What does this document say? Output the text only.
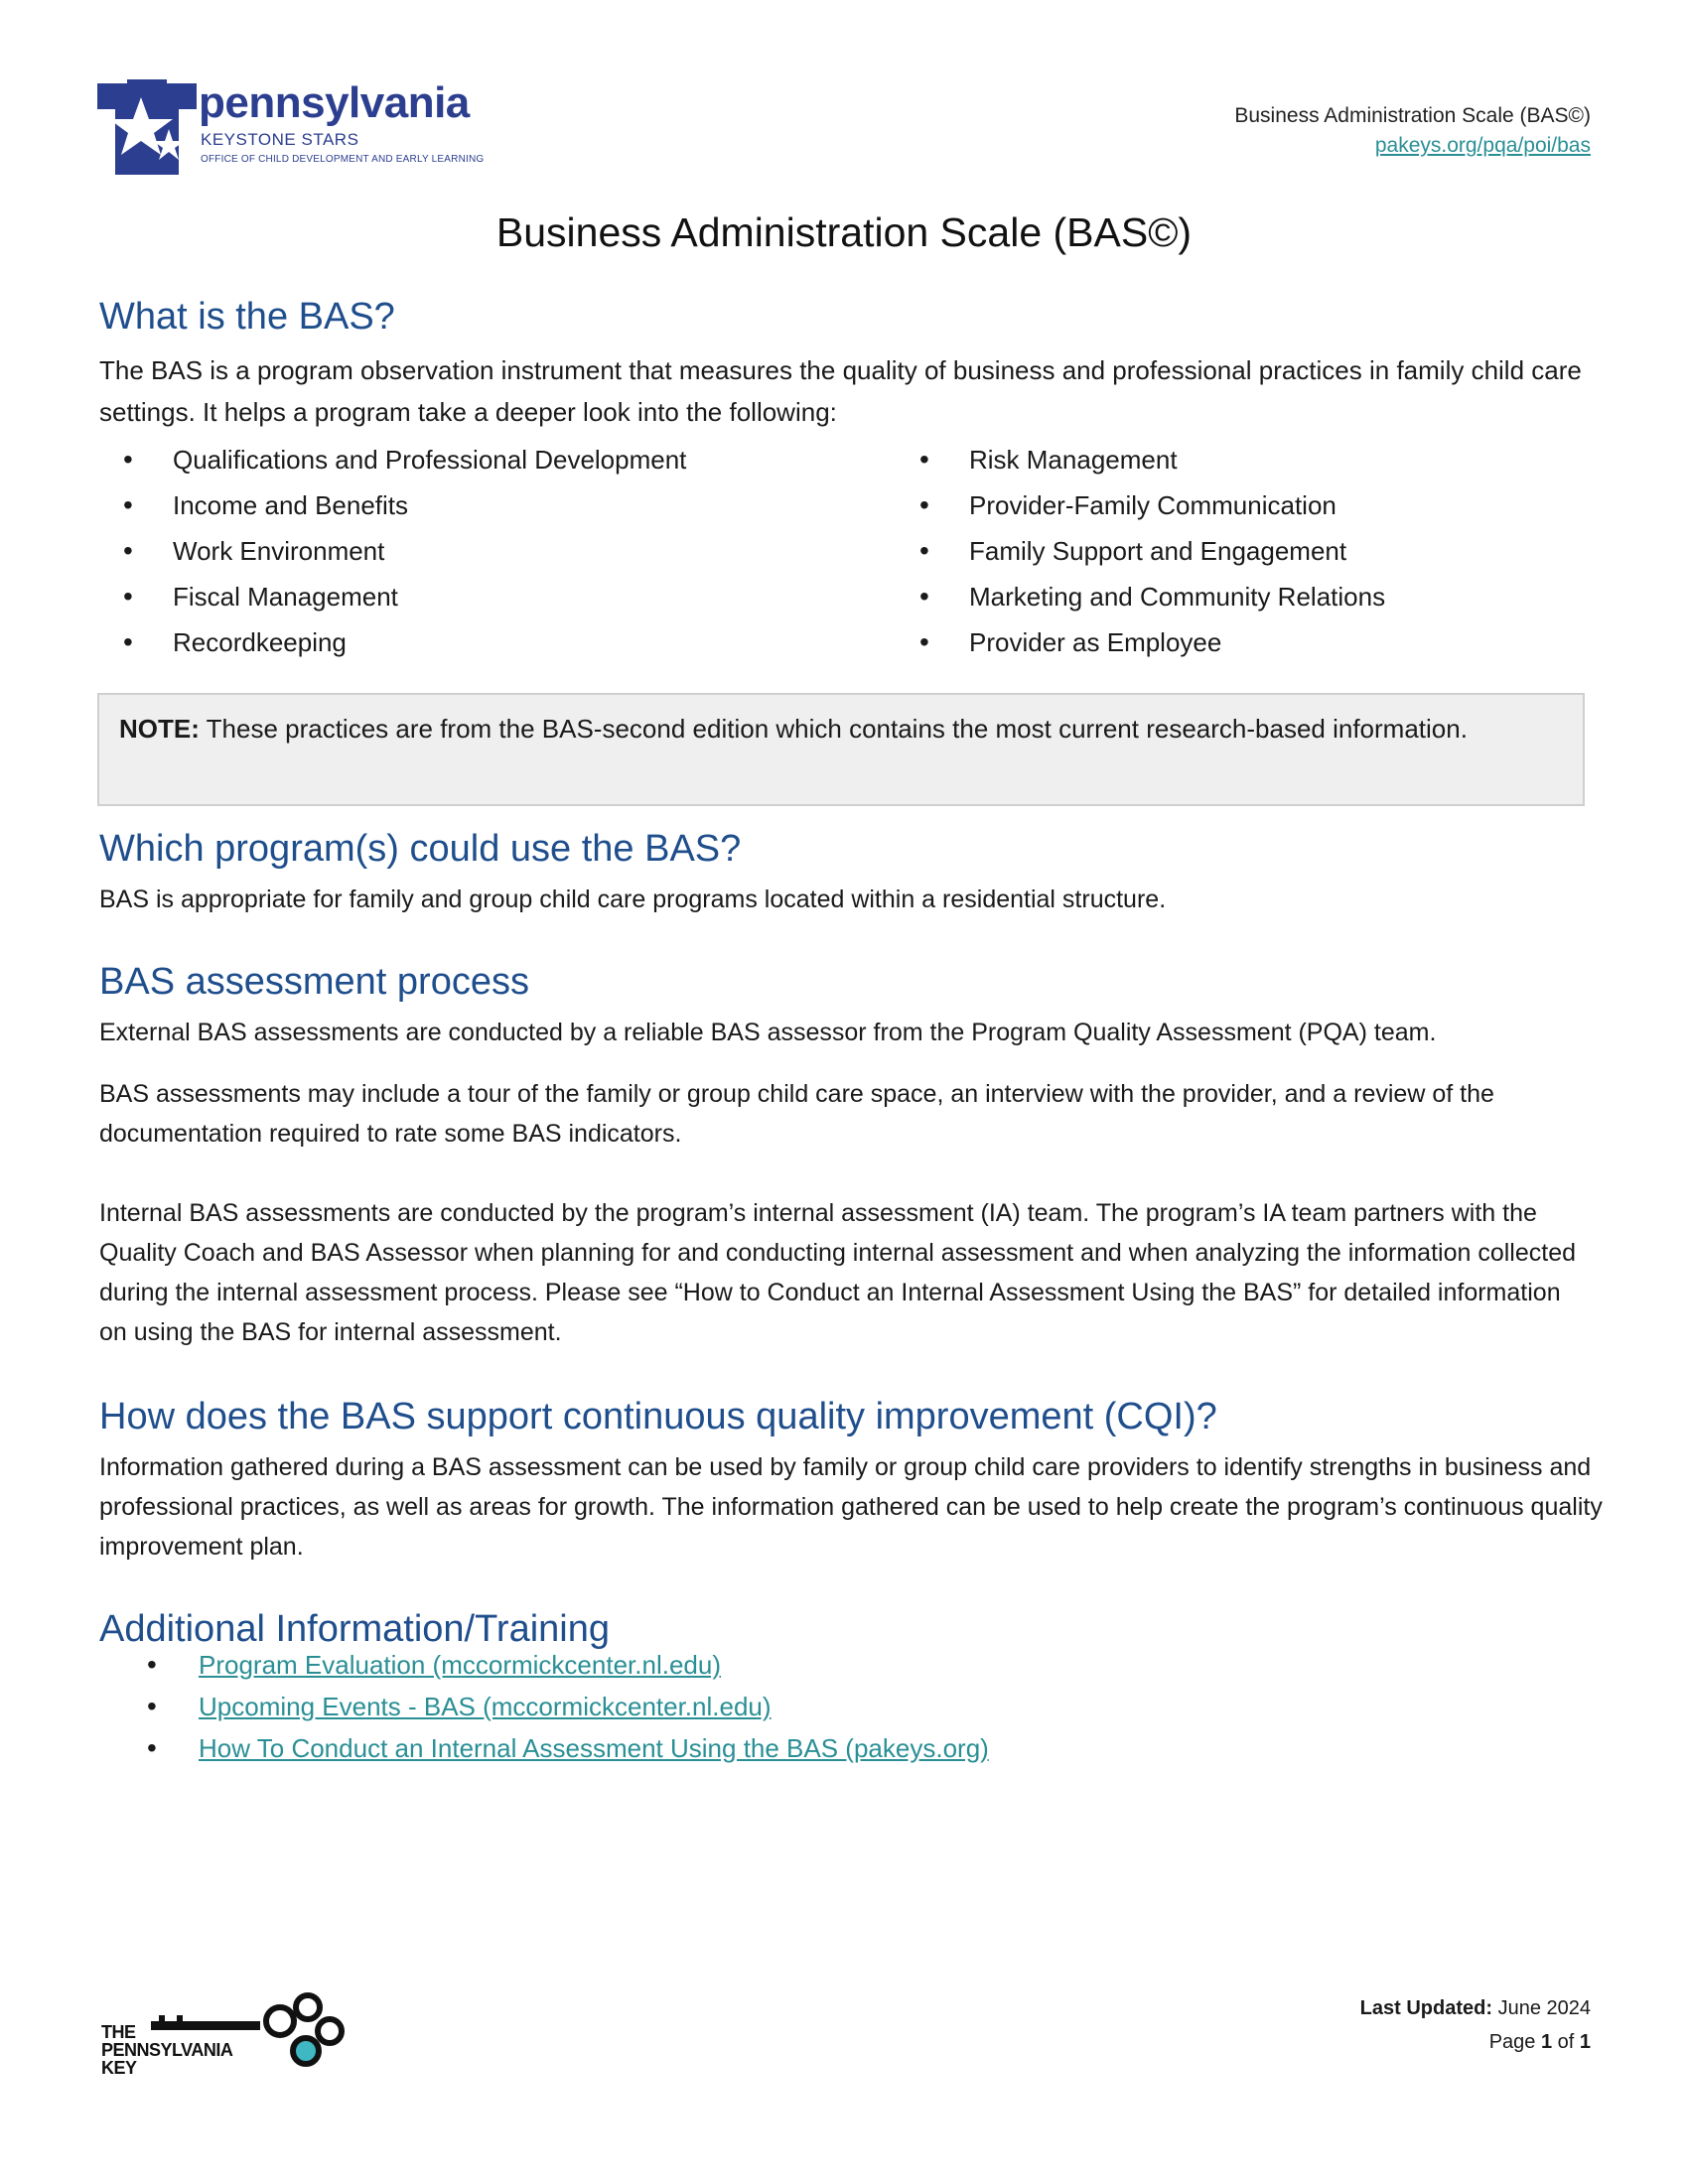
pennsylvania
KEYSTONE STARS
OFFICE OF CHILD DEVELOPMENT AND EARLY LEARNING
Business Administration Scale (BAS©)
pakeys.org/pqa/poi/bas
Business Administration Scale (BAS©)
What is the BAS?
The BAS is a program observation instrument that measures the quality of business and professional practices in family child care settings. It helps a program take a deeper look into the following:
• Qualifications and Professional Development
• Income and Benefits
• Work Environment
• Fiscal Management
• Recordkeeping
• Risk Management
• Provider-Family Communication
• Family Support and Engagement
• Marketing and Community Relations
• Provider as Employee
NOTE: These practices are from the BAS-second edition which contains the most current research-based information.
Which program(s) could use the BAS?
BAS is appropriate for family and group child care programs located within a residential structure.
BAS assessment process
External BAS assessments are conducted by a reliable BAS assessor from the Program Quality Assessment (PQA) team.
BAS assessments may include a tour of the family or group child care space, an interview with the provider, and a review of the documentation required to rate some BAS indicators.
Internal BAS assessments are conducted by the program’s internal assessment (IA) team. The program’s IA team partners with the Quality Coach and BAS Assessor when planning for and conducting internal assessment and when analyzing the information collected during the internal assessment process. Please see “How to Conduct an Internal Assessment Using the BAS” for detailed information on using the BAS for internal assessment.
How does the BAS support continuous quality improvement (CQI)?
Information gathered during a BAS assessment can be used by family or group child care providers to identify strengths in business and professional practices, as well as areas for growth. The information gathered can be used to help create the program’s continuous quality improvement plan.
Additional Information/Training
• Program Evaluation (mccormickcenter.nl.edu)
• Upcoming Events - BAS (mccormickcenter.nl.edu)
• How To Conduct an Internal Assessment Using the BAS (pakeys.org)
THE
PENNSYLVANIA
KEY
Last Updated: June 2024
Page 1 of 1
